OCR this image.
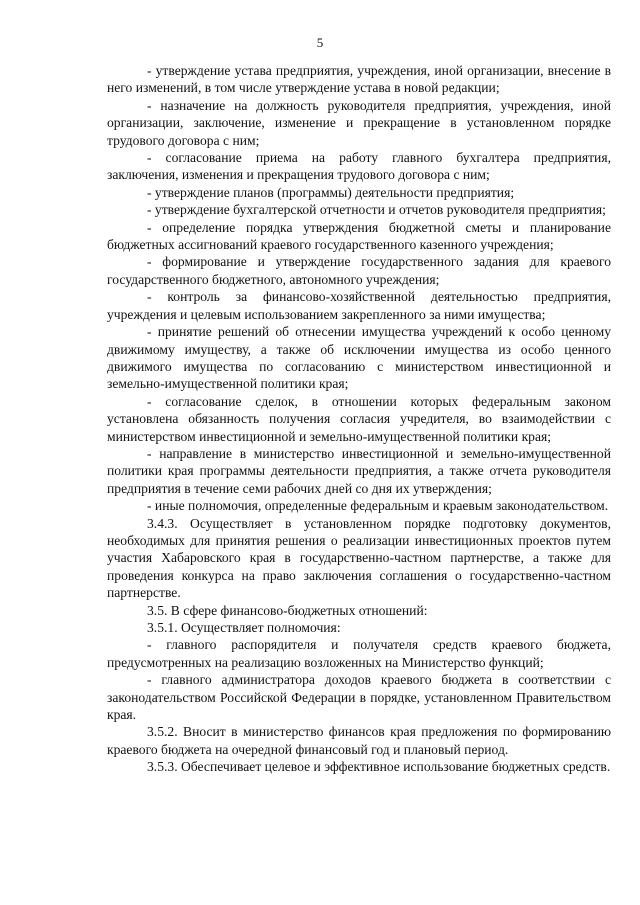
5

- утверждение устава предприятия, учреждения, иной организации, внесение в него изменений, в том числе утверждение устава в новой редакции;

- назначение на должность руководителя предприятия, учреждения, иной организации, заключение, изменение и прекращение в установленном порядке трудового договора с ним;

- согласование приема на работу главного бухгалтера предприятия, заключения, изменения и прекращения трудового договора с ним;

- утверждение планов (программы) деятельности предприятия;

- утверждение бухгалтерской отчетности и отчетов руководителя предприятия;

- определение порядка утверждения бюджетной сметы и планирование бюджетных ассигнований краевого государственного казенного учреждения;

- формирование и утверждение государственного задания для краевого государственного бюджетного, автономного учреждения;

- контроль за финансово-хозяйственной деятельностью предприятия, учреждения и целевым использованием закрепленного за ними имущества;

- принятие решений об отнесении имущества учреждений к особо ценному движимому имуществу, а также об исключении имущества из особо ценного движимого имущества по согласованию с министерством инвестиционной и земельно-имущественной политики края;

- согласование сделок, в отношении которых федеральным законом установлена обязанность получения согласия учредителя, во взаимодействии с министерством инвестиционной и земельно-имущественной политики края;

- направление в министерство инвестиционной и земельно-имущественной политики края программы деятельности предприятия, а также отчета руководителя предприятия в течение семи рабочих дней со дня их утверждения;

- иные полномочия, определенные федеральным и краевым законодательством.

3.4.3. Осуществляет в установленном порядке подготовку документов, необходимых для принятия решения о реализации инвестиционных проектов путем участия Хабаровского края в государственно-частном партнерстве, а также для проведения конкурса на право заключения соглашения о государственно-частном партнерстве.

3.5. В сфере финансово-бюджетных отношений:

3.5.1. Осуществляет полномочия:

- главного распорядителя и получателя средств краевого бюджета, предусмотренных на реализацию возложенных на Министерство функций;

- главного администратора доходов краевого бюджета в соответствии с законодательством Российской Федерации в порядке, установленном Правительством края.

3.5.2. Вносит в министерство финансов края предложения по формированию краевого бюджета на очередной финансовый год и плановый период.

3.5.3. Обеспечивает целевое и эффективное использование бюджетных средств.
